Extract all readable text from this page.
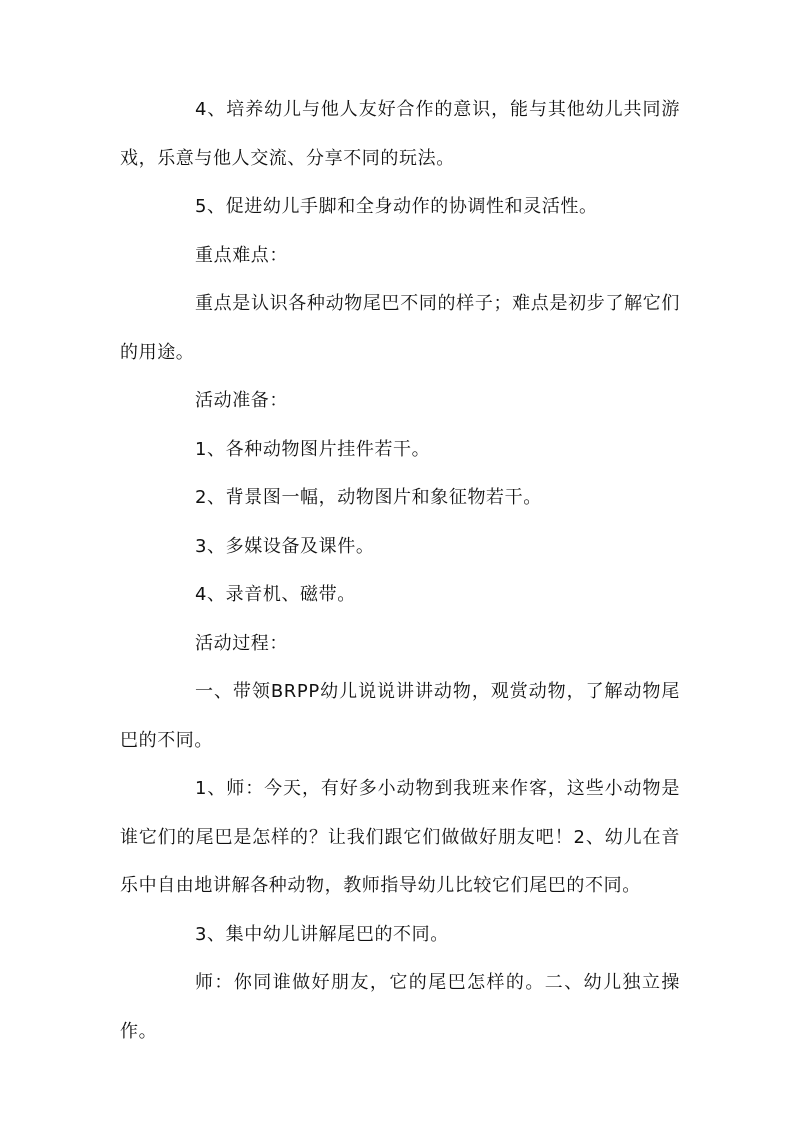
4、培养幼儿与他人友好合作的意识，能与其他幼儿共同游戏，乐意与他人交流、分享不同的玩法。

5、促进幼儿手脚和全身动作的协调性和灵活性。

重点难点：

重点是认识各种动物尾巴不同的样子；难点是初步了解它们的用途。

活动准备：

1、各种动物图片挂件若干。

2、背景图一幅，动物图片和象征物若干。

3、多媒设备及课件。

4、录音机、磁带。

活动过程：

一、带领BRPP幼儿说说讲讲动物，观赏动物，了解动物尾巴的不同。

1、师：今天，有好多小动物到我班来作客，这些小动物是谁它们的尾巴是怎样的？让我们跟它们做做好朋友吧！2、幼儿在音乐中自由地讲解各种动物，教师指导幼儿比较它们尾巴的不同。

3、集中幼儿讲解尾巴的不同。

师：你同谁做好朋友，它的尾巴怎样的。二、幼儿独立操作。
